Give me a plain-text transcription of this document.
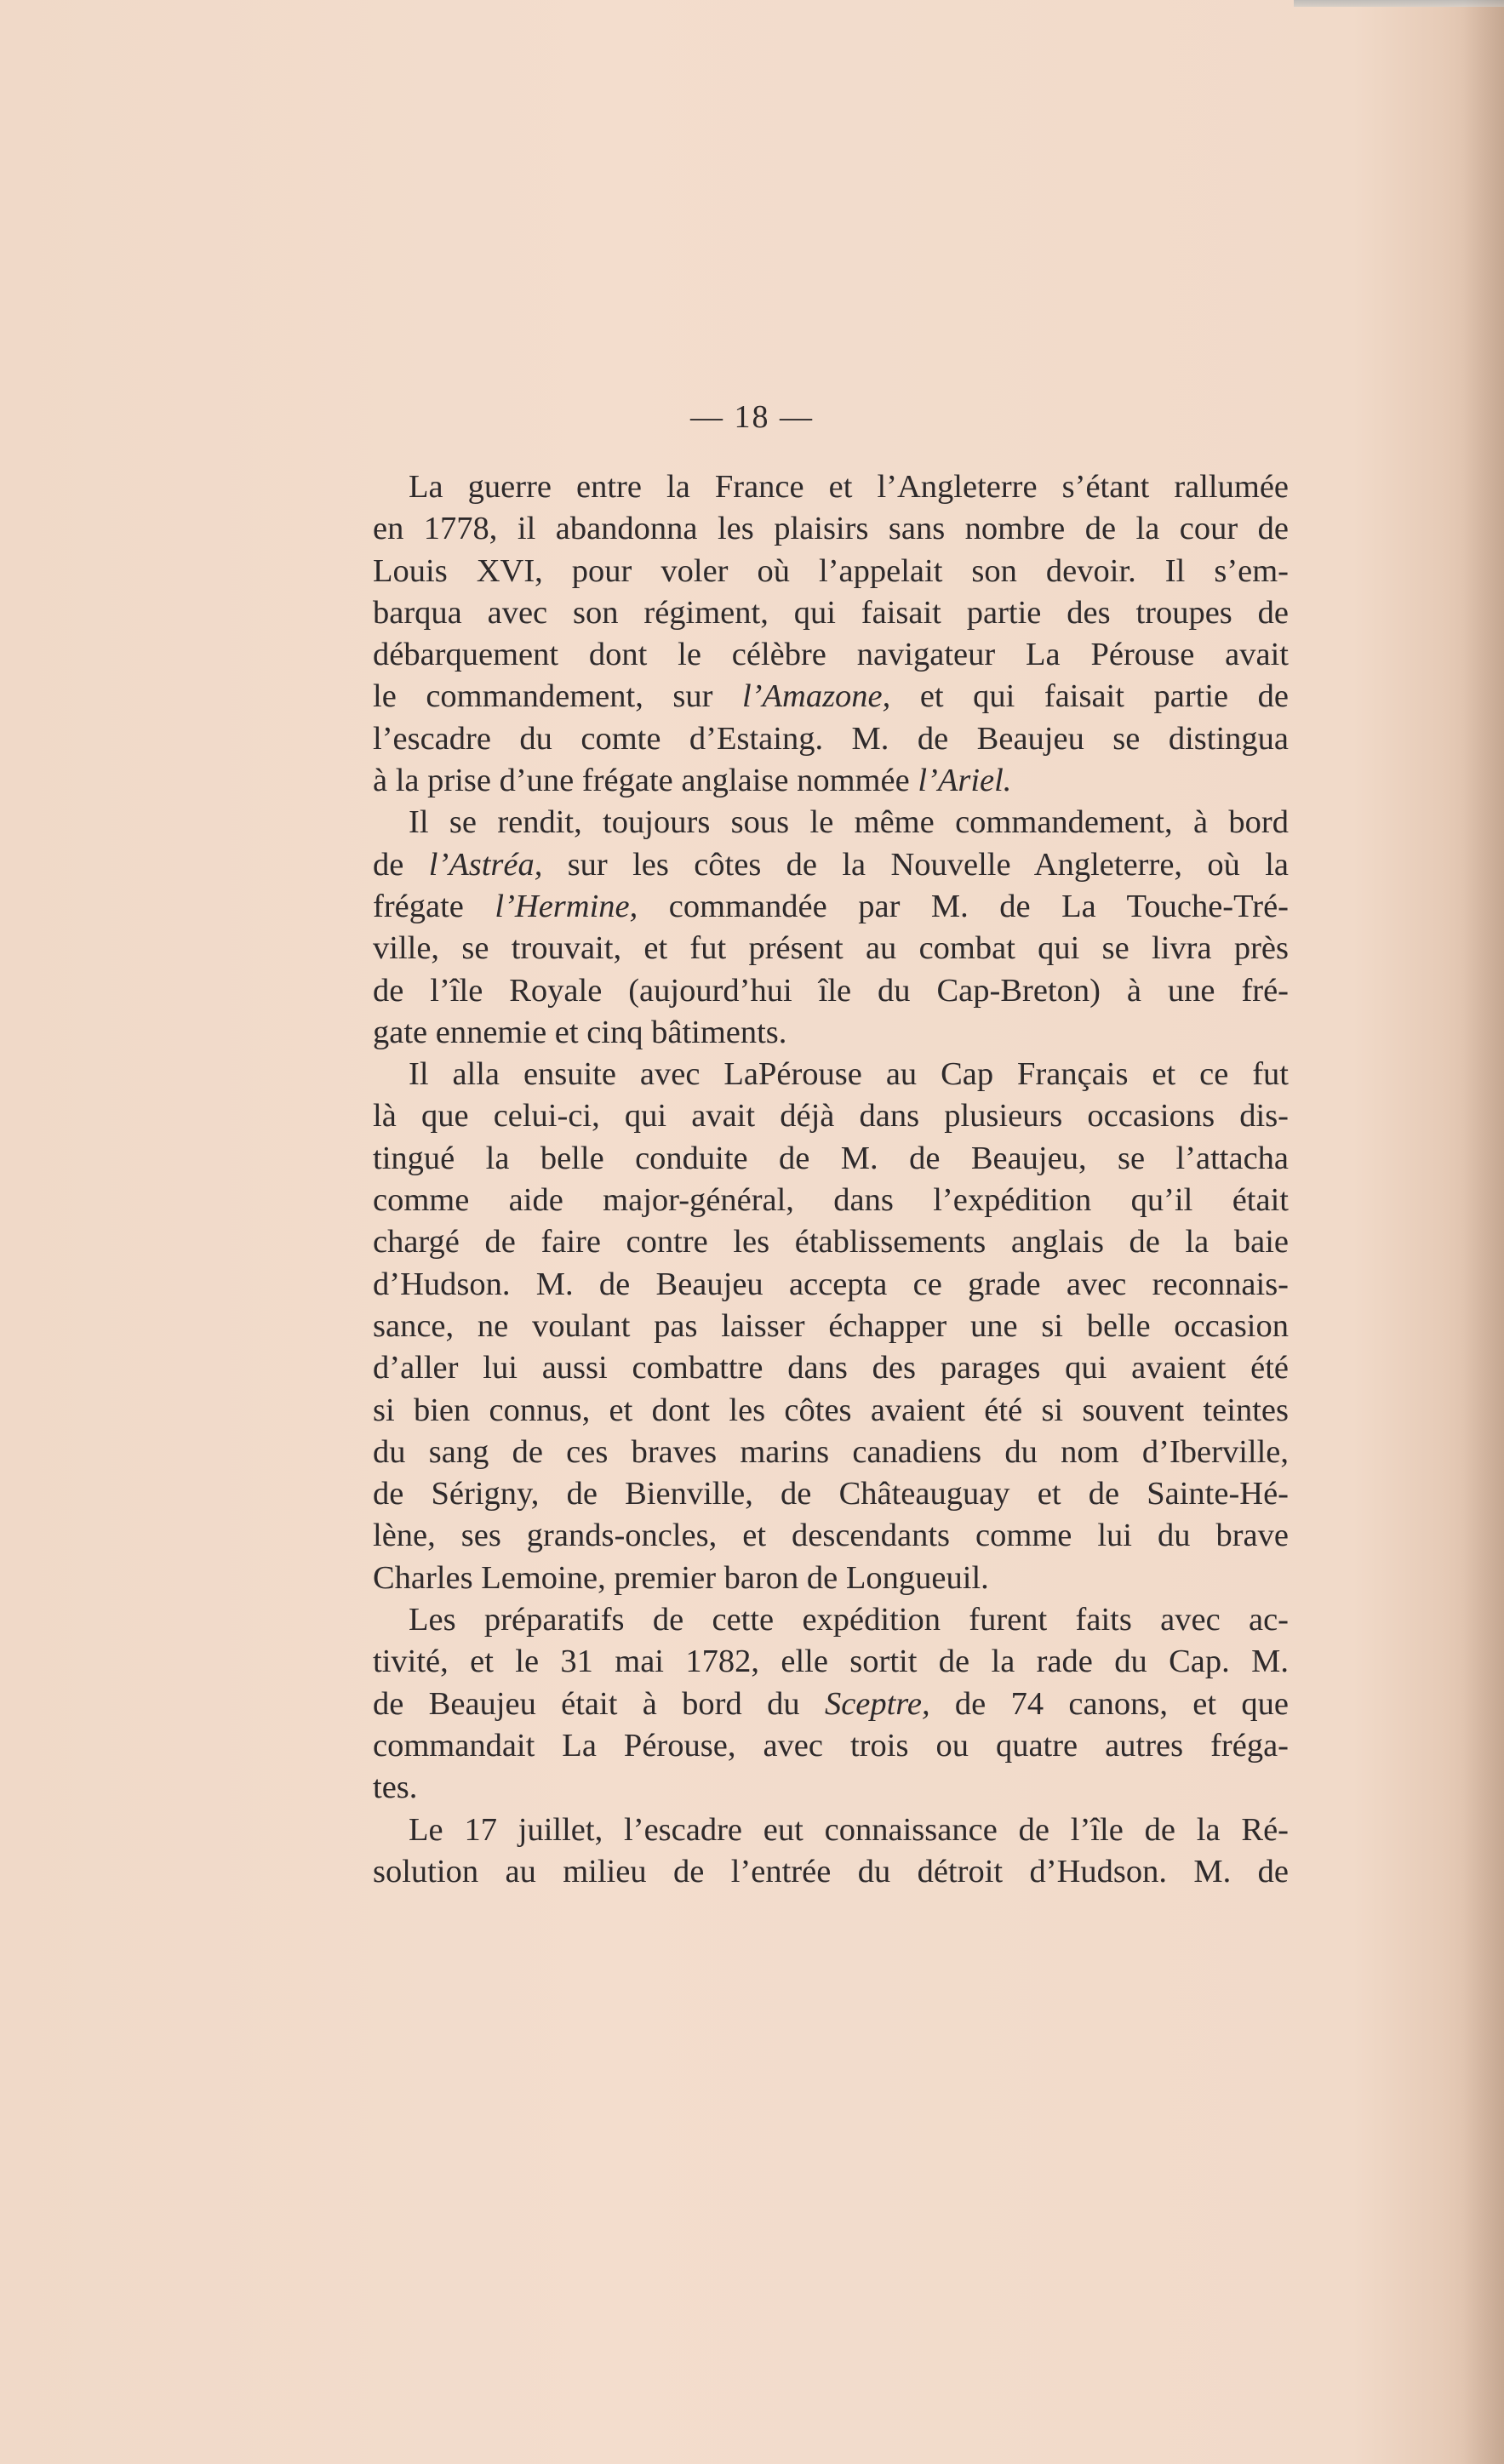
— 18 —
La guerre entre la France et l’Angleterre s’étant rallumée
en 1778, il abandonna les plaisirs sans nombre de la cour de
Louis XVI, pour voler où l’appelait son devoir. Il s’em-
barqua avec son régiment, qui faisait partie des troupes de
débarquement dont le célèbre navigateur La Pérouse avait
le commandement, sur l’Amazone, et qui faisait partie de
l’escadre du comte d’Estaing. M. de Beaujeu se distingua
à la prise d’une frégate anglaise nommée l’Ariel.
Il se rendit, toujours sous le même commandement, à bord
de l’Astréa, sur les côtes de la Nouvelle Angleterre, où la
frégate l’Hermine, commandée par M. de La Touche-Tré-
ville, se trouvait, et fut présent au combat qui se livra près
de l’île Royale (aujourd’hui île du Cap-Breton) à une fré-
gate ennemie et cinq bâtiments.
Il alla ensuite avec LaPérouse au Cap Français et ce fut
là que celui-ci, qui avait déjà dans plusieurs occasions dis-
tingué la belle conduite de M. de Beaujeu, se l’attacha
comme aide major-général, dans l’expédition qu’il était
chargé de faire contre les établissements anglais de la baie
d’Hudson. M. de Beaujeu accepta ce grade avec reconnais-
sance, ne voulant pas laisser échapper une si belle occasion
d’aller lui aussi combattre dans des parages qui avaient été
si bien connus, et dont les côtes avaient été si souvent teintes
du sang de ces braves marins canadiens du nom d’Iberville,
de Sérigny, de Bienville, de Châteauguay et de Sainte-Hé-
lène, ses grands-oncles, et descendants comme lui du brave
Charles Lemoine, premier baron de Longueuil.
Les préparatifs de cette expédition furent faits avec ac-
tivité, et le 31 mai 1782, elle sortit de la rade du Cap. M.
de Beaujeu était à bord du Sceptre, de 74 canons, et que
commandait La Pérouse, avec trois ou quatre autres fréga-
tes.
Le 17 juillet, l’escadre eut connaissance de l’île de la Ré-
solution au milieu de l’entrée du détroit d’Hudson. M. de
